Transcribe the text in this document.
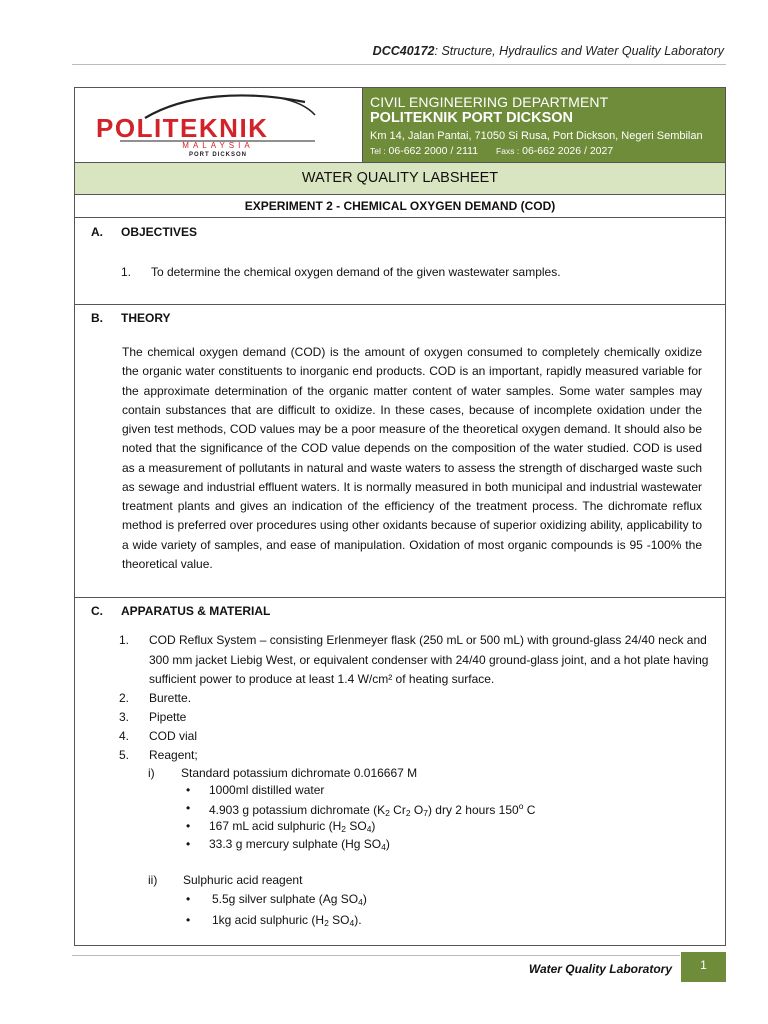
DCC40172: Structure, Hydraulics and Water Quality Laboratory
POLITEKNIK
MALAYSIA
PORT DICKSON
CIVIL ENGINEERING DEPARTMENT
POLITEKNIK PORT DICKSON
Km 14, Jalan Pantai, 71050 Si Rusa, Port Dickson, Negeri Sembilan
Tel : 06-662 2000 / 2111 Faxs : 06-662 2026 / 2027
WATER QUALITY LABSHEET
EXPERIMENT 2 - CHEMICAL OXYGEN DEMAND (COD)
A. OBJECTIVES
1. To determine the chemical oxygen demand of the given wastewater samples.
B. THEORY
The chemical oxygen demand (COD) is the amount of oxygen consumed to completely chemically oxidize the organic water constituents to inorganic end products. COD is an important, rapidly measured variable for the approximate determination of the organic matter content of water samples. Some water samples may contain substances that are difficult to oxidize. In these cases, because of incomplete oxidation under the given test methods, COD values may be a poor measure of the theoretical oxygen demand. It should also be noted that the significance of the COD value depends on the composition of the water studied. COD is used as a measurement of pollutants in natural and waste waters to assess the strength of discharged waste such as sewage and industrial effluent waters. It is normally measured in both municipal and industrial wastewater treatment plants and gives an indication of the efficiency of the treatment process. The dichromate reflux method is preferred over procedures using other oxidants because of superior oxidizing ability, applicability to a wide variety of samples, and ease of manipulation. Oxidation of most organic compounds is 95 -100% the theoretical value.
C. APPARATUS & MATERIAL
1. COD Reflux System – consisting Erlenmeyer flask (250 mL or 500 mL) with ground-glass 24/40 neck and 300 mm jacket Liebig West, or equivalent condenser with 24/40 ground-glass joint, and a hot plate having sufficient power to produce at least 1.4 W/cm² of heating surface.
2. Burette.
3. Pipette
4. COD vial
5. Reagent;
i) Standard potassium dichromate 0.016667 M
• 1000ml distilled water
• 4.903 g potassium dichromate ($K_2$ $Cr_2$ $O_7$) dry 2 hours 150$^o$ C
• 167 mL acid sulphuric ($H_2$ $SO_4$)
• 33.3 g mercury sulphate (Hg $SO_4$)
ii) Sulphuric acid reagent
• 5.5g silver sulphate (Ag $SO_4$)
• 1kg acid sulphuric ($H_2$ $SO_4$).
Water Quality Laboratory	1
